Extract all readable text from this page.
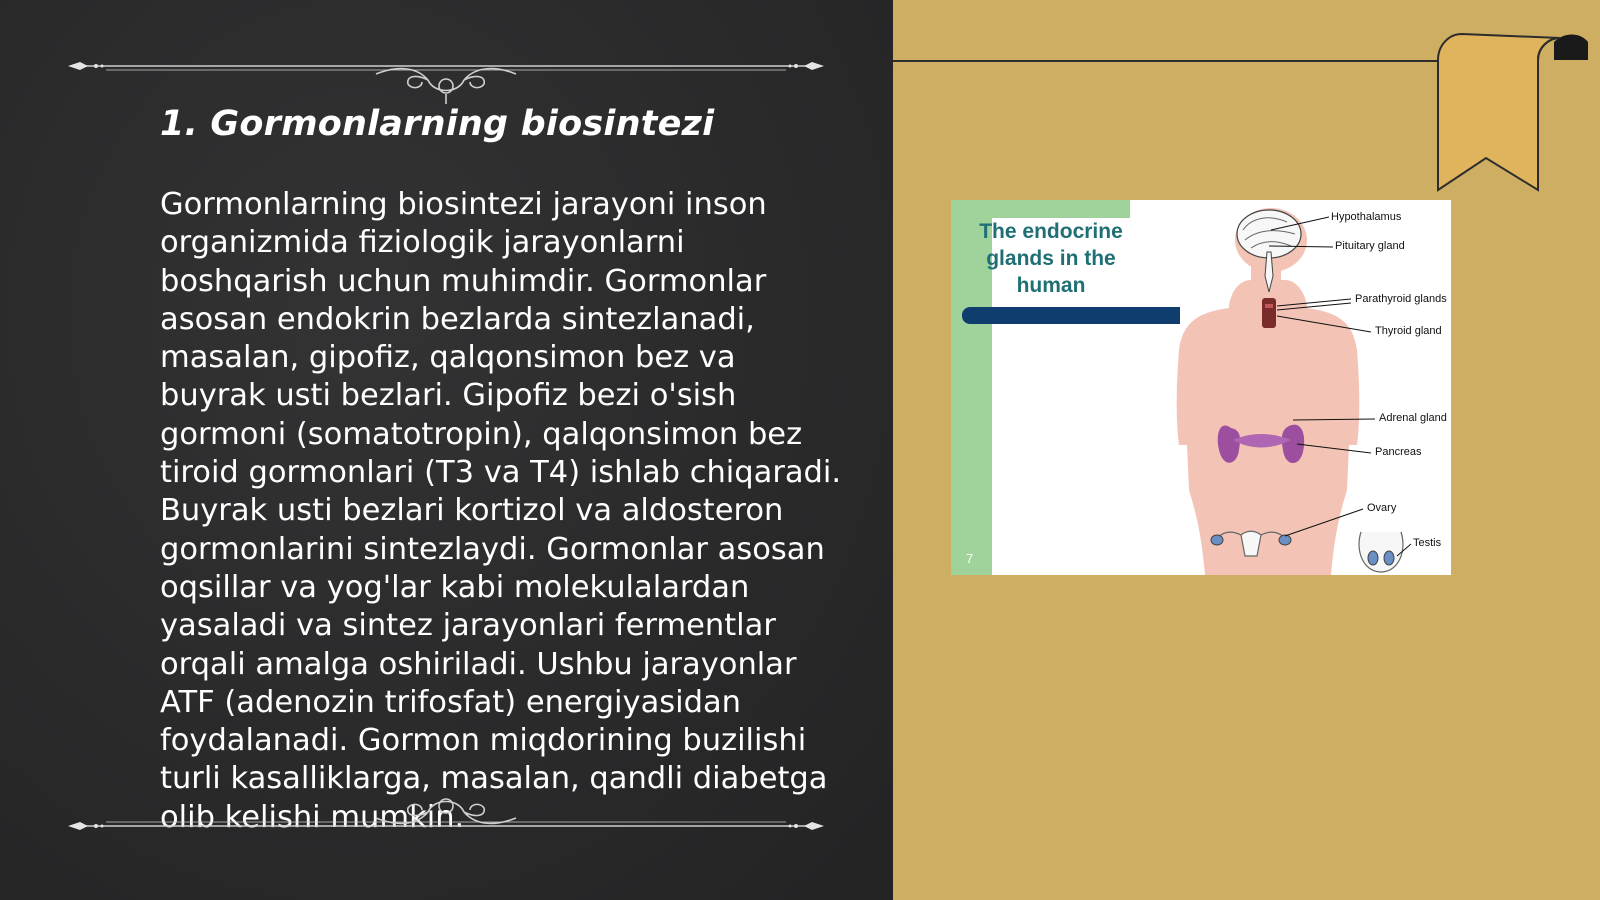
1. Gormonlarning biosintezi

Gormonlarning biosintezi jarayoni inson organizmida fiziologik jarayonlarni boshqarish uchun muhimdir. Gormonlar asosan endokrin bezlarda sintezlanadi, masalan, gipofiz, qalqonsimon bez va buyrak usti bezlari. Gipofiz bezi o'sish gormoni (somatotropin), qalqonsimon bez tiroid gormonlari (T3 va T4) ishlab chiqaradi. Buyrak usti bezlari kortizol va aldosteron gormonlarini sintezlaydi. Gormonlar asosan oqsillar va yog'lar kabi molekulalardan yasaladi va sintez jarayonlari fermentlar orqali amalga oshiriladi. Ushbu jarayonlar ATF (adenozin trifosfat) energiyasidan foydalanadi. Gormon miqdorining buzilishi turli kasalliklarga, masalan, qandli diabetga olib kelishi mumkin.

The endocrine glands in the human

7
Hypothalamus
Pituitary gland
Parathyroid glands
Thyroid gland
Adrenal gland
Pancreas
Ovary
Testis
